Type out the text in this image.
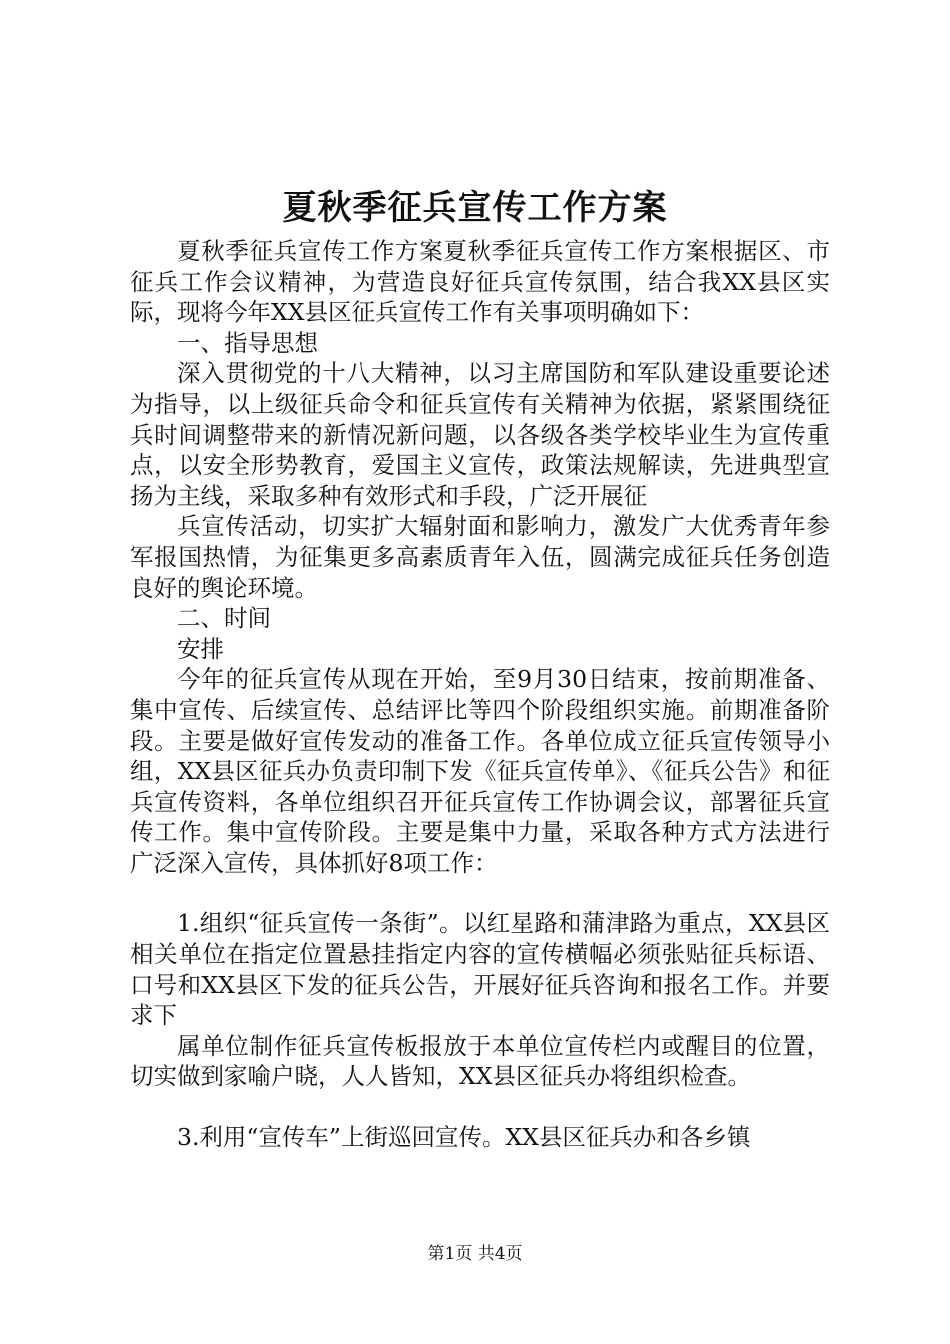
夏秋季征兵宣传工作方案

夏秋季征兵宣传工作方案夏秋季征兵宣传工作方案根据区、市征兵工作会议精神，为营造良好征兵宣传氛围，结合我XX县区实际，现将今年XX县区征兵宣传工作有关事项明确如下：

一、指导思想

深入贯彻党的十八大精神，以习主席国防和军队建设重要论述为指导，以上级征兵命令和征兵宣传有关精神为依据，紧紧围绕征兵时间调整带来的新情况新问题，以各级各类学校毕业生为宣传重点，以安全形势教育，爱国主义宣传，政策法规解读，先进典型宣扬为主线，采取多种有效形式和手段，广泛开展征

兵宣传活动，切实扩大辐射面和影响力，激发广大优秀青年参军报国热情，为征集更多高素质青年入伍，圆满完成征兵任务创造良好的舆论环境。

二、时间

安排

今年的征兵宣传从现在开始，至9月30日结束，按前期准备、集中宣传、后续宣传、总结评比等四个阶段组织实施。前期准备阶段。主要是做好宣传发动的准备工作。各单位成立征兵宣传领导小组，XX县区征兵办负责印制下发《征兵宣传单》、《征兵公告》和征兵宣传资料，各单位组织召开征兵宣传工作协调会议，部署征兵宣传工作。集中宣传阶段。主要是集中力量，采取各种方式方法进行广泛深入宣传，具体抓好8项工作：

1.组织“征兵宣传一条街”。以红星路和蒲津路为重点，XX县区相关单位在指定位置悬挂指定内容的宣传横幅必须张贴征兵标语、口号和XX县区下发的征兵公告，开展好征兵咨询和报名工作。并要求下

属单位制作征兵宣传板报放于本单位宣传栏内或醒目的位置，切实做到家喻户晓，人人皆知，XX县区征兵办将组织检查。

3.利用“宣传车”上街巡回宣传。XX县区征兵办和各乡镇

第1页 共4页
